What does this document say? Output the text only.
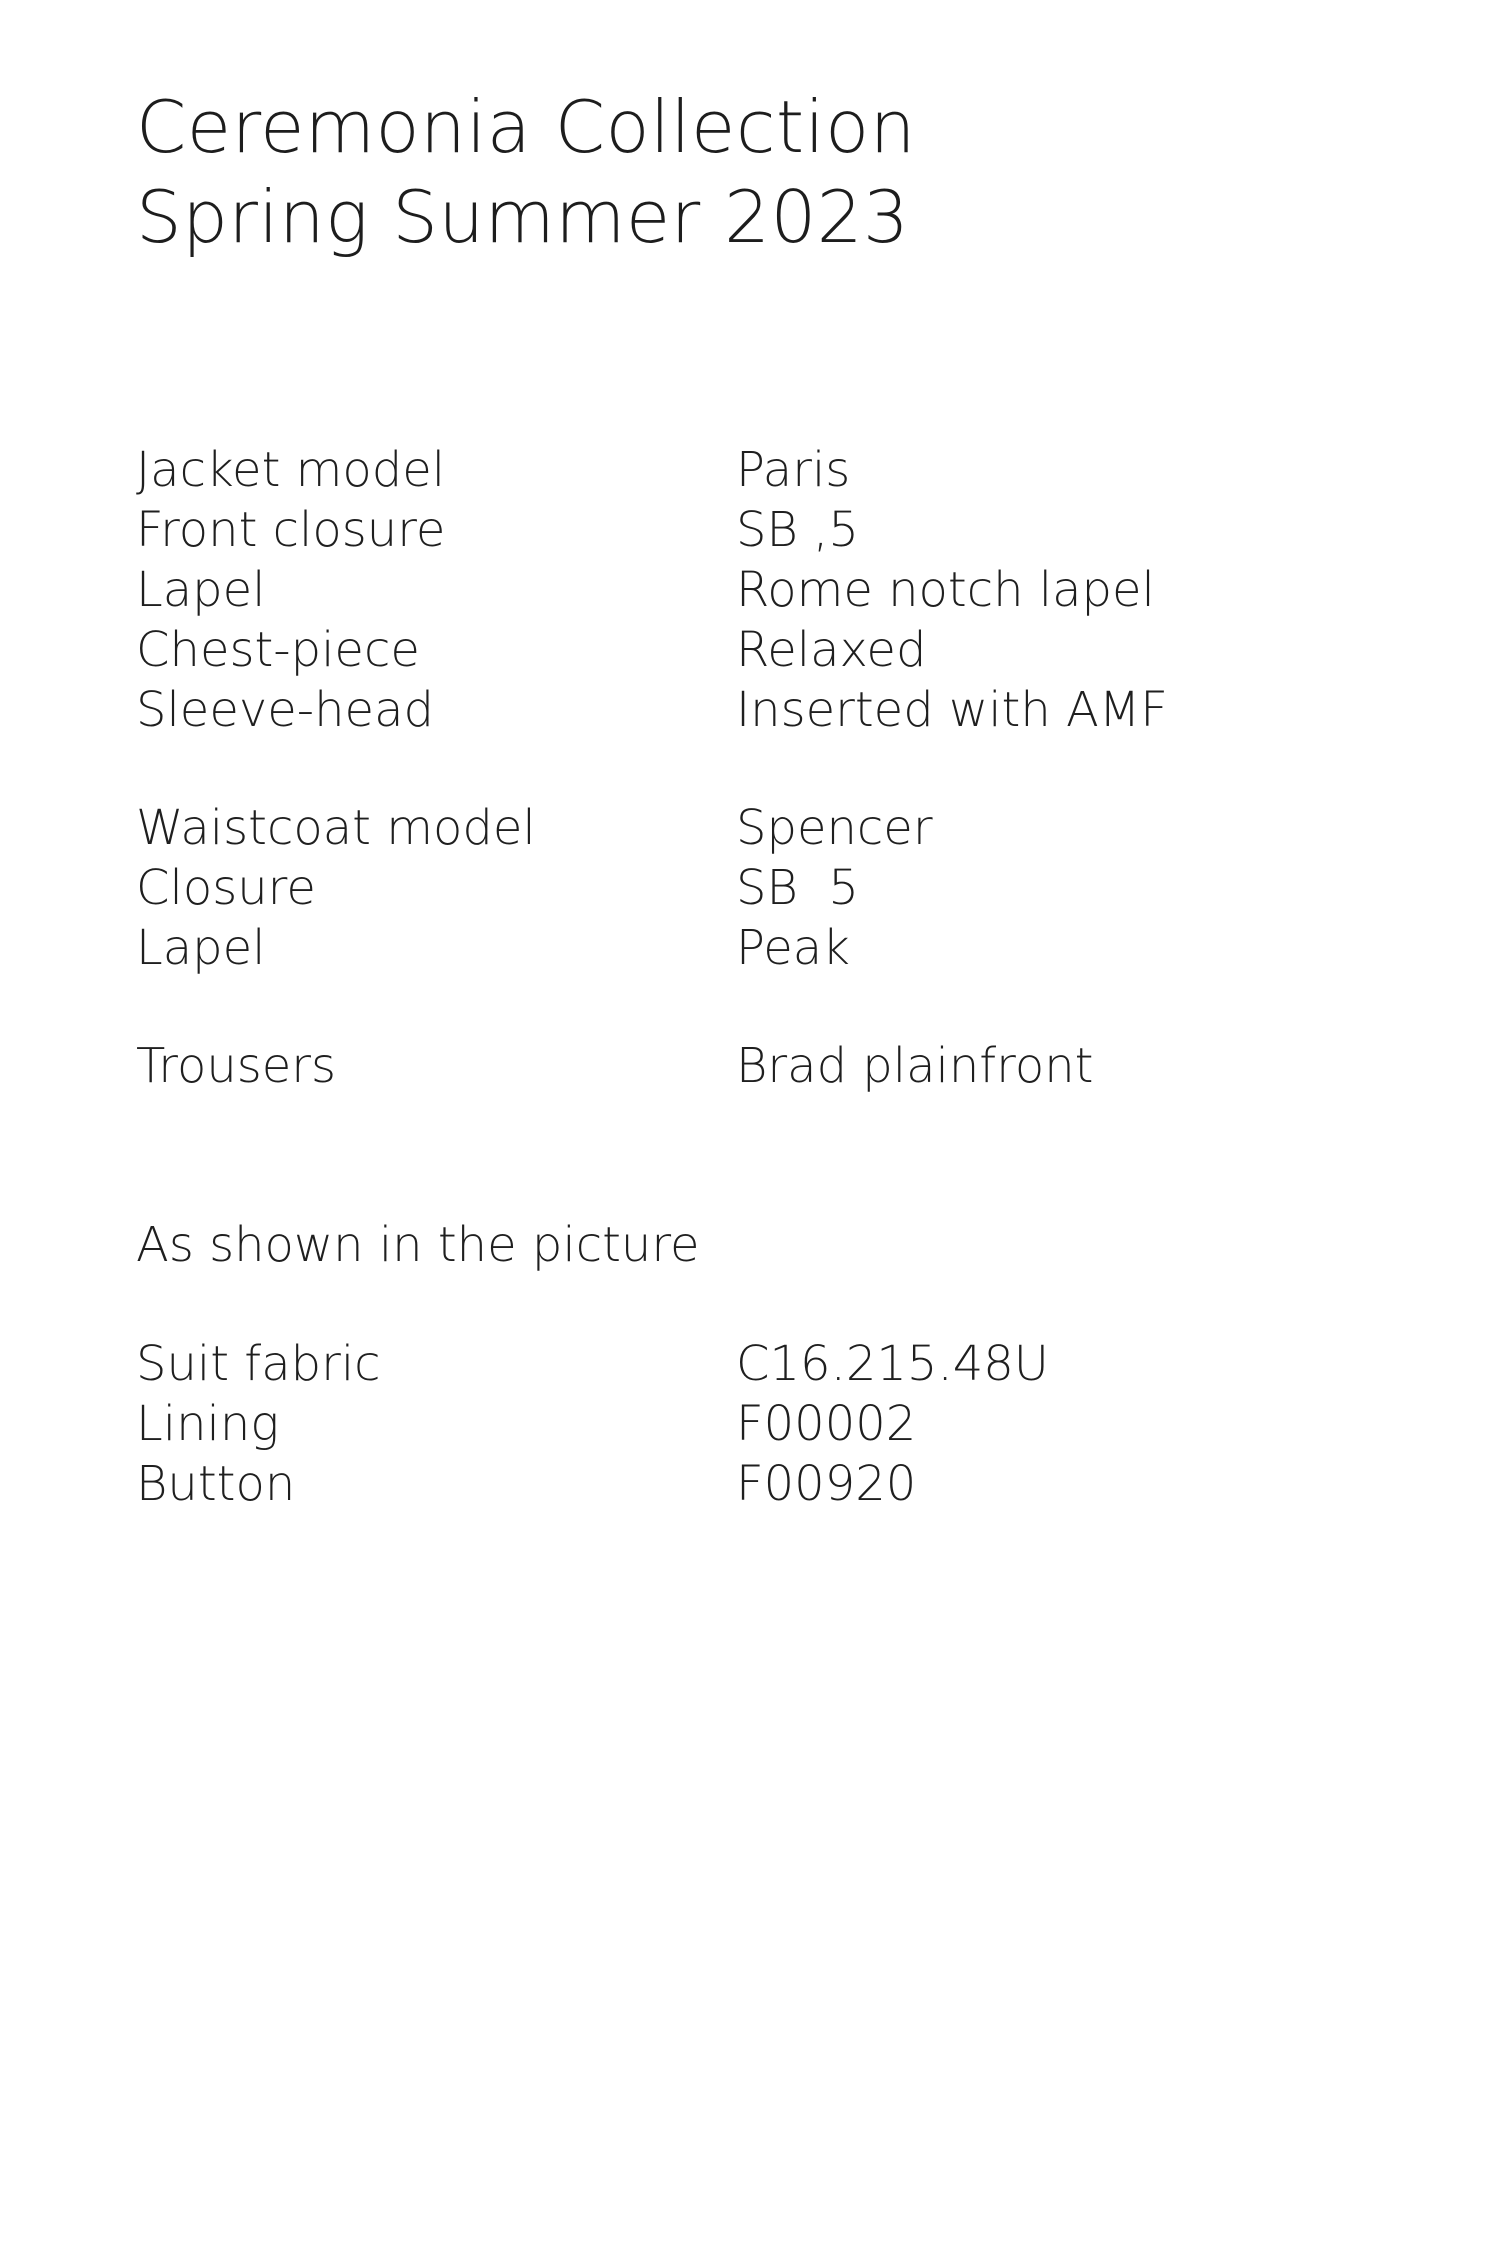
Ceremonia Collection
Spring Summer 2023
Jacket model	Paris
Front closure	SB ,5
Lapel	Rome notch lapel
Chest-piece	Relaxed
Sleeve-head	Inserted with AMF
Waistcoat model	Spencer
Closure	SB  5
Lapel	Peak
Trousers	Brad plainfront
As shown in the picture
Suit fabric	C16.215.48U
Lining	F00002
Button	F00920
